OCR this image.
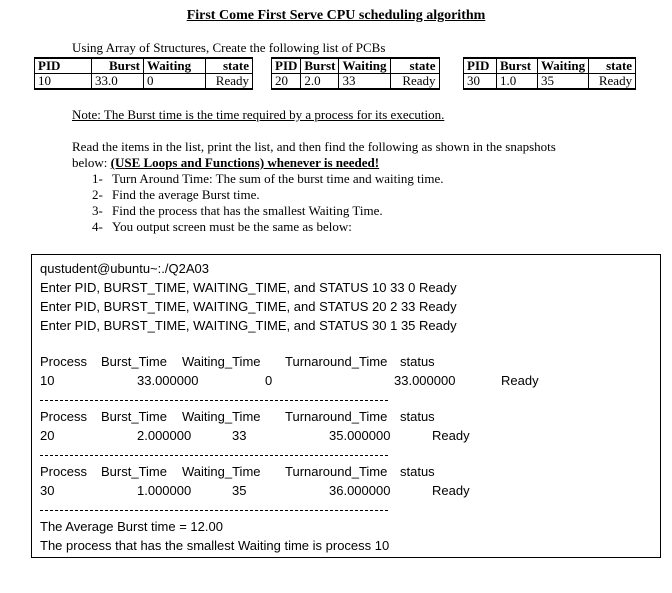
First Come First Serve CPU scheduling algorithm
Using Array of Structures, Create the following list of PCBs
PID	Burst	Waiting	state
10	33.0	0	Ready
PID	Burst	Waiting	state
20	2.0	33	Ready
PID	Burst	Waiting	state
30	1.0	35	Ready
Note: The Burst time is the time required by a process for its execution.
Read the items in the list, print the list, and then find the following as shown in the snapshots
below: (USE Loops and Functions) whenever is needed!
1- Turn Around Time: The sum of the burst time and waiting time.
2- Find the average Burst time.
3- Find the process that has the smallest Waiting Time.
4- You output screen must be the same as below:
qustudent@ubuntu~:./Q2A03
Enter PID, BURST_TIME, WAITING_TIME, and STATUS 10 33 0 Ready
Enter PID, BURST_TIME, WAITING_TIME, and STATUS 20 2 33 Ready
Enter PID, BURST_TIME, WAITING_TIME, and STATUS 30 1 35 Ready
Process Burst_Time Waiting_Time Turnaround_Time status
10	33.000000	0	33.000000	Ready
Process Burst_Time Waiting_Time Turnaround_Time status
20	2.000000	33	35.000000	Ready
Process Burst_Time Waiting_Time Turnaround_Time status
30	1.000000	35	36.000000	Ready
The Average Burst time = 12.00
The process that has the smallest Waiting time is process 10
